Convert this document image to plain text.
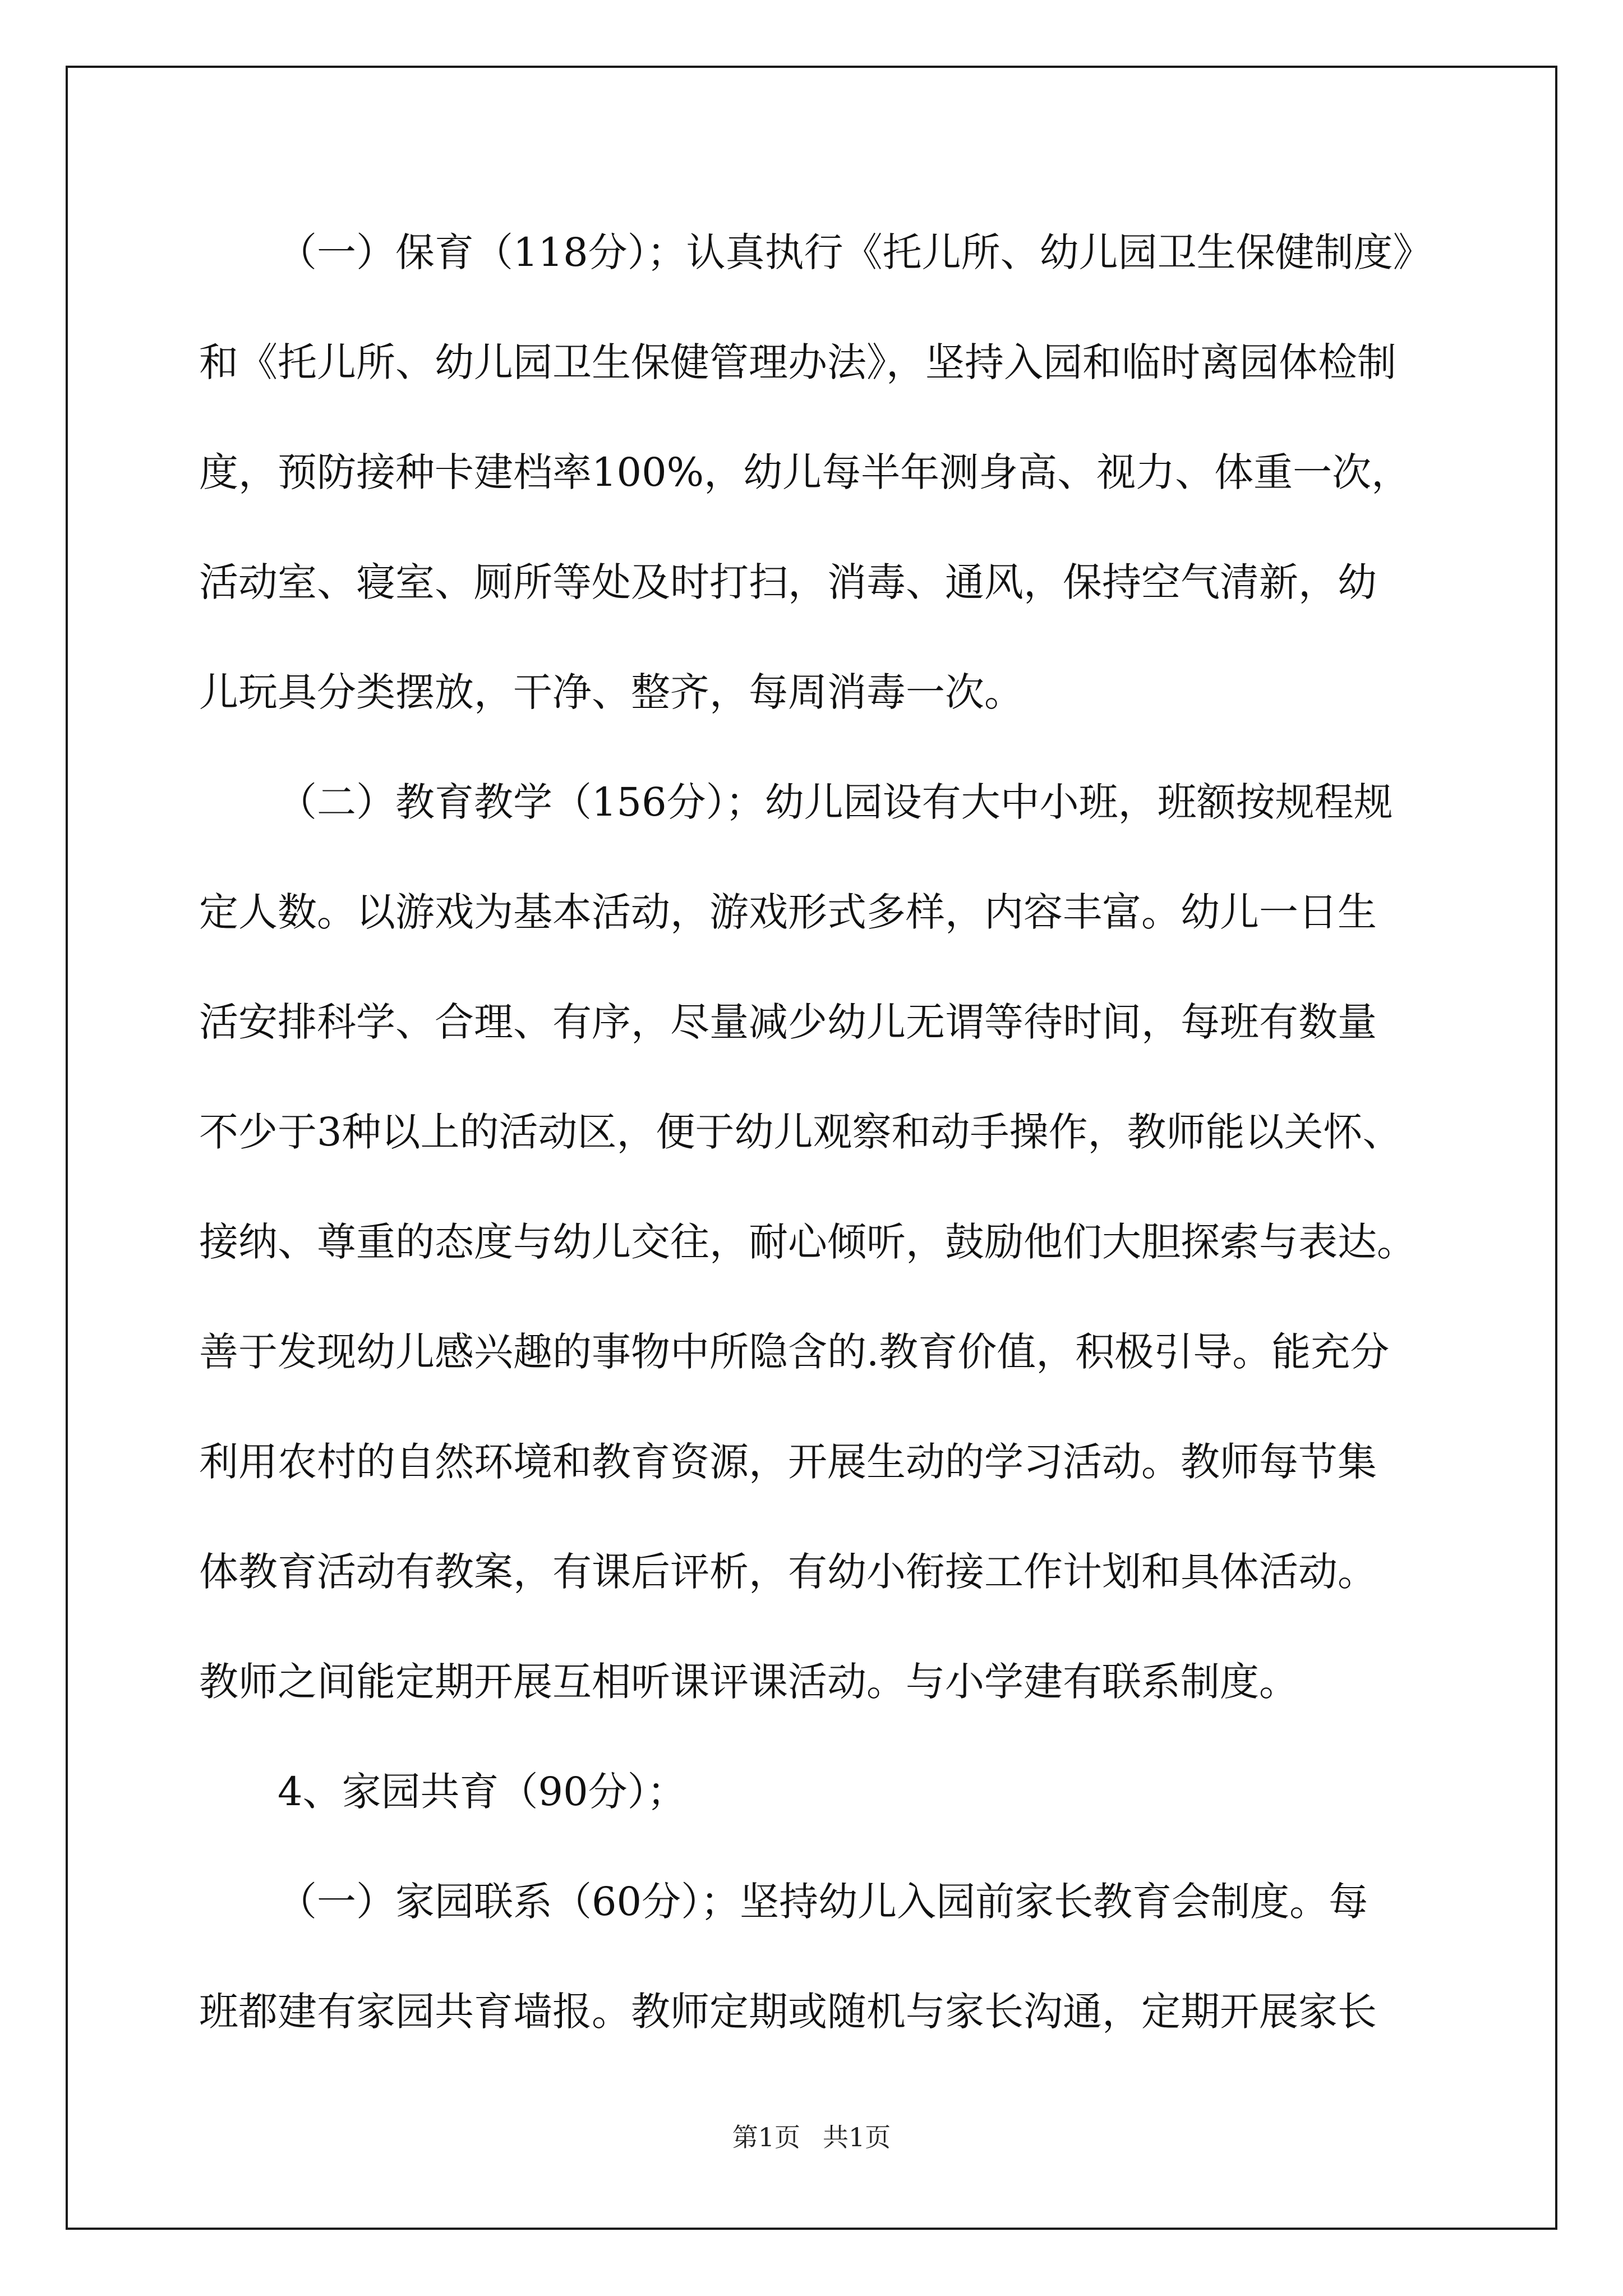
（一）保育（118分）；认真执行《托儿所、幼儿园卫生保健制度》
和《托儿所、幼儿园卫生保健管理办法》，坚持入园和临时离园体检制
度，预防接种卡建档率100%，幼儿每半年测身高、视力、体重一次，
活动室、寝室、厕所等处及时打扫，消毒、通风，保持空气清新，幼
儿玩具分类摆放，干净、整齐，每周消毒一次。
（二）教育教学（156分）；幼儿园设有大中小班，班额按规程规
定人数。以游戏为基本活动，游戏形式多样，内容丰富。幼儿一日生
活安排科学、合理、有序，尽量减少幼儿无谓等待时间，每班有数量
不少于3种以上的活动区，便于幼儿观察和动手操作，教师能以关怀、
接纳、尊重的态度与幼儿交往，耐心倾听，鼓励他们大胆探索与表达。
善于发现幼儿感兴趣的事物中所隐含的.教育价值，积极引导。能充分
利用农村的自然环境和教育资源，开展生动的学习活动。教师每节集
体教育活动有教案，有课后评析，有幼小衔接工作计划和具体活动。
教师之间能定期开展互相听课评课活动。与小学建有联系制度。
4、家园共育（90分）；
（一）家园联系（60分）；坚持幼儿入园前家长教育会制度。每
班都建有家园共育墙报。教师定期或随机与家长沟通，定期开展家长
第1页 共1页
